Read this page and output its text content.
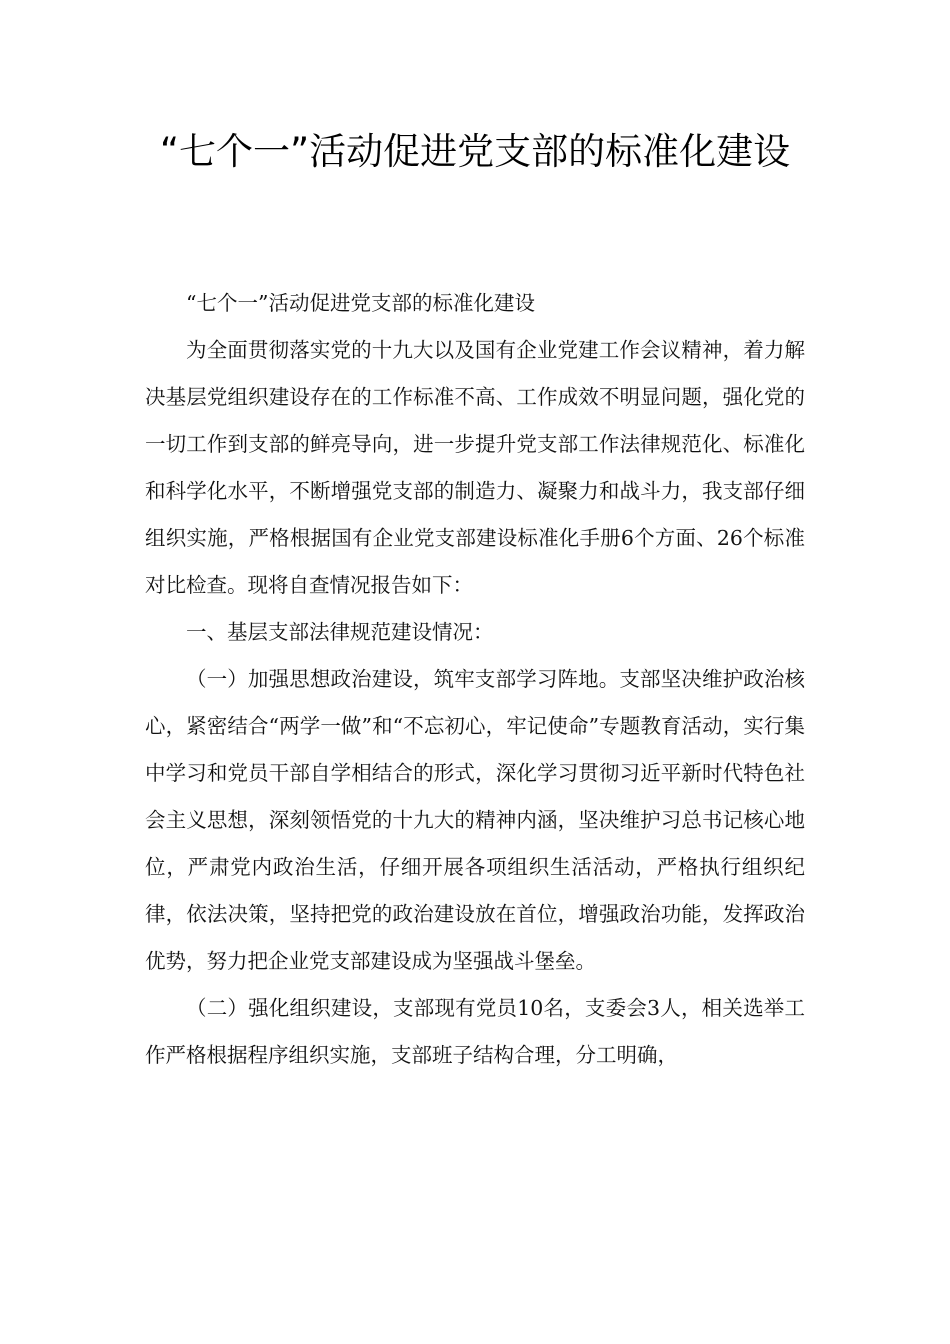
“七个一”活动促进党支部的标准化建设

“七个一”活动促进党支部的标准化建设

为全面贯彻落实党的十九大以及国有企业党建工作会议精神，着力解决基层党组织建设存在的工作标准不高、工作成效不明显问题，强化党的一切工作到支部的鲜亮导向，进一步提升党支部工作法律规范化、标准化和科学化水平，不断增强党支部的制造力、凝聚力和战斗力，我支部仔细组织实施，严格根据国有企业党支部建设标准化手册6个方面、26个标准对比检查。现将自查情况报告如下：

一、基层支部法律规范建设情况：

（一）加强思想政治建设，筑牢支部学习阵地。支部坚决维护政治核心，紧密结合“两学一做”和“不忘初心，牢记使命”专题教育活动，实行集中学习和党员干部自学相结合的形式，深化学习贯彻习近平新时代特色社会主义思想，深刻领悟党的十九大的精神内涵，坚决维护习总书记核心地位，严肃党内政治生活，仔细开展各项组织生活活动，严格执行组织纪律，依法决策，坚持把党的政治建设放在首位，增强政治功能，发挥政治优势，努力把企业党支部建设成为坚强战斗堡垒。

（二）强化组织建设，支部现有党员10名，支委会3人，相关选举工作严格根据程序组织实施，支部班子结构合理，分工明确，
